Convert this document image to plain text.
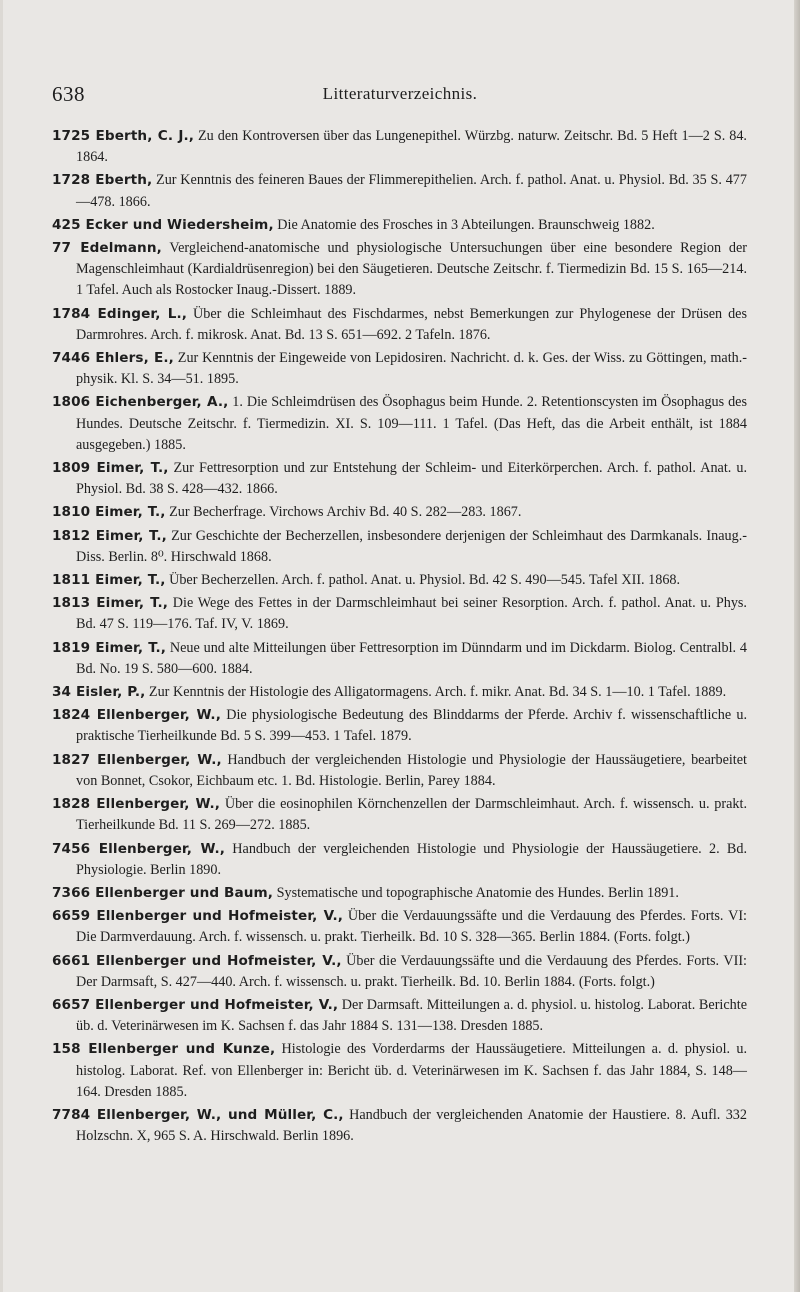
638	Litteraturverzeichnis.

1725 Eberth, C. J., Zu den Kontroversen über das Lungenepithel. Würzbg. naturw. Zeitschr. Bd. 5 Heft 1—2 S. 84. 1864.

1728 Eberth, Zur Kenntnis des feineren Baues der Flimmerepithelien. Arch. f. pathol. Anat. u. Physiol. Bd. 35 S. 477—478. 1866.

425 Ecker und Wiedersheim, Die Anatomie des Frosches in 3 Abteilungen. Braunschweig 1882.

77 Edelmann, Vergleichend-anatomische und physiologische Untersuchungen über eine besondere Region der Magenschleimhaut (Kardialdrüsenregion) bei den Säugetieren. Deutsche Zeitschr. f. Tiermedizin Bd. 15 S. 165—214. 1 Tafel. Auch als Rostocker Inaug.-Dissert. 1889.

1784 Edinger, L., Über die Schleimhaut des Fischdarmes, nebst Bemerkungen zur Phylogenese der Drüsen des Darmrohres. Arch. f. mikrosk. Anat. Bd. 13 S. 651—692. 2 Tafeln. 1876.

7446 Ehlers, E., Zur Kenntnis der Eingeweide von Lepidosiren. Nachricht. d. k. Ges. der Wiss. zu Göttingen, math.-physik. Kl. S. 34—51. 1895.

1806 Eichenberger, A., 1. Die Schleimdrüsen des Ösophagus beim Hunde. 2. Retentionscysten im Ösophagus des Hundes. Deutsche Zeitschr. f. Tiermedizin. XI. S. 109—111. 1 Tafel. (Das Heft, das die Arbeit enthält, ist 1884 ausgegeben.) 1885.

1809 Eimer, T., Zur Fettresorption und zur Entstehung der Schleim- und Eiterkörperchen. Arch. f. pathol. Anat. u. Physiol. Bd. 38 S. 428—432. 1866.

1810 Eimer, T., Zur Becherfrage. Virchows Archiv Bd. 40 S. 282—283. 1867.

1812 Eimer, T., Zur Geschichte der Becherzellen, insbesondere derjenigen der Schleimhaut des Darmkanals. Inaug.-Diss. Berlin. 8⁰. Hirschwald 1868.

1811 Eimer, T., Über Becherzellen. Arch. f. pathol. Anat. u. Physiol. Bd. 42 S. 490—545. Tafel XII. 1868.

1813 Eimer, T., Die Wege des Fettes in der Darmschleimhaut bei seiner Resorption. Arch. f. pathol. Anat. u. Phys. Bd. 47 S. 119—176. Taf. IV, V. 1869.

1819 Eimer, T., Neue und alte Mitteilungen über Fettresorption im Dünndarm und im Dickdarm. Biolog. Centralbl. 4 Bd. No. 19 S. 580—600. 1884.

34 Eisler, P., Zur Kenntnis der Histologie des Alligatormagens. Arch. f. mikr. Anat. Bd. 34 S. 1—10. 1 Tafel. 1889.

1824 Ellenberger, W., Die physiologische Bedeutung des Blinddarms der Pferde. Archiv f. wissenschaftliche u. praktische Tierheilkunde Bd. 5 S. 399—453. 1 Tafel. 1879.

1827 Ellenberger, W., Handbuch der vergleichenden Histologie und Physiologie der Haussäugetiere, bearbeitet von Bonnet, Csokor, Eichbaum etc. 1. Bd. Histologie. Berlin, Parey 1884.

1828 Ellenberger, W., Über die eosinophilen Körnchenzellen der Darmschleimhaut. Arch. f. wissensch. u. prakt. Tierheilkunde Bd. 11 S. 269—272. 1885.

7456 Ellenberger, W., Handbuch der vergleichenden Histologie und Physiologie der Haussäugetiere. 2. Bd. Physiologie. Berlin 1890.

7366 Ellenberger und Baum, Systematische und topographische Anatomie des Hundes. Berlin 1891.

6659 Ellenberger und Hofmeister, V., Über die Verdauungssäfte und die Verdauung des Pferdes. Forts. VI: Die Darmverdauung. Arch. f. wissensch. u. prakt. Tierheilk. Bd. 10 S. 328—365. Berlin 1884. (Forts. folgt.)

6661 Ellenberger und Hofmeister, V., Über die Verdauungssäfte und die Verdauung des Pferdes. Forts. VII: Der Darmsaft, S. 427—440. Arch. f. wissensch. u. prakt. Tierheilk. Bd. 10. Berlin 1884. (Forts. folgt.)

6657 Ellenberger und Hofmeister, V., Der Darmsaft. Mitteilungen a. d. physiol. u. histolog. Laborat. Berichte üb. d. Veterinärwesen im K. Sachsen f. das Jahr 1884 S. 131—138. Dresden 1885.

158 Ellenberger und Kunze, Histologie des Vorderdarms der Haussäugetiere. Mitteilungen a. d. physiol. u. histolog. Laborat. Ref. von Ellenberger in: Bericht üb. d. Veterinärwesen im K. Sachsen f. das Jahr 1884, S. 148—164. Dresden 1885.

7784 Ellenberger, W., und Müller, C., Handbuch der vergleichenden Anatomie der Haustiere. 8. Aufl. 332 Holzschn. X, 965 S. A. Hirschwald. Berlin 1896.
